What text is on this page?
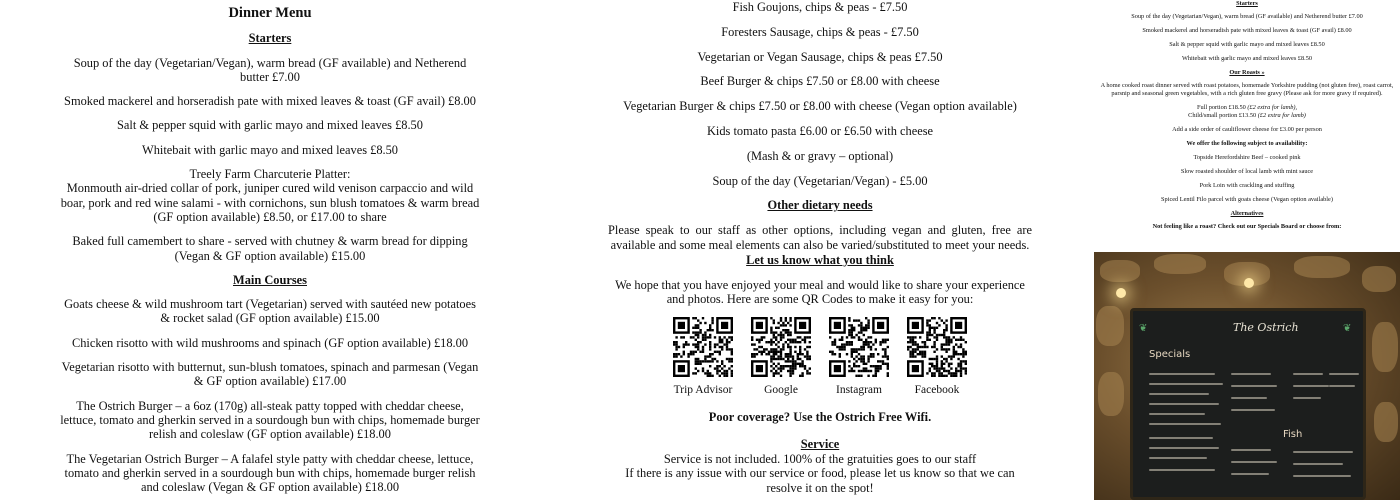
Dinner Menu
Starters
Soup of the day (Vegetarian/Vegan), warm bread (GF available) and Netherend butter £7.00
Smoked mackerel and horseradish pate with mixed leaves & toast (GF avail) £8.00
Salt & pepper squid with garlic mayo and mixed leaves £8.50
Whitebait with garlic mayo and mixed leaves £8.50
Treely Farm Charcuterie Platter:
Monmouth air-dried collar of pork, juniper cured wild venison carpaccio and wild boar, pork and red wine salami - with cornichons, sun blush tomatoes & warm bread (GF option available) £8.50, or £17.00 to share
Baked full camembert to share - served with chutney & warm bread for dipping (Vegan & GF option available) £15.00
Main Courses
Goats cheese & wild mushroom tart (Vegetarian) served with sautéed new potatoes & rocket salad (GF option available) £15.00
Chicken risotto with wild mushrooms and spinach (GF option available) £18.00
Vegetarian risotto with butternut, sun-blush tomatoes, spinach and parmesan (Vegan & GF option available) £17.00
The Ostrich Burger – a 6oz (170g) all-steak patty topped with cheddar cheese, lettuce, tomato and gherkin served in a sourdough bun with chips, homemade burger relish and coleslaw (GF option available) £18.00
The Vegetarian Ostrich Burger – A falafel style patty with cheddar cheese, lettuce, tomato and gherkin served in a sourdough bun with chips, homemade burger relish and coleslaw (Vegan & GF option available) £18.00
Fish Goujons, chips & peas - £7.50
Foresters Sausage, chips & peas - £7.50
Vegetarian or Vegan Sausage, chips & peas £7.50
Beef Burger & chips £7.50 or £8.00 with cheese
Vegetarian Burger & chips £7.50 or £8.00 with cheese (Vegan option available)
Kids tomato pasta £6.00 or £6.50 with cheese
(Mash & or gravy – optional)
Soup of the day (Vegetarian/Vegan) - £5.00
Other dietary needs
Please speak to our staff as other options, including vegan and gluten, free are available and some meal elements can also be varied/substituted to meet your needs.
Let us know what you think
We hope that you have enjoyed your meal and would like to share your experience and photos. Here are some QR Codes to make it easy for you:
Trip Advisor	Google	Instagram	Facebook
Poor coverage? Use the Ostrich Free Wifi.
Service
Service is not included. 100% of the gratuities goes to our staff
If there is any issue with our service or food, please let us know so that we can resolve it on the spot!
Starters
Soup of the day (Vegetarian/Vegan), warm bread (GF available) and Netherend butter £7.00
Smoked mackerel and horseradish pate with mixed leaves & toast (GF avail) £8.00
Salt & pepper squid with garlic mayo and mixed leaves £8.50
Whitebait with garlic mayo and mixed leaves £8.50
Our Roasts »
A home cooked roast dinner served with roast potatoes, homemade Yorkshire pudding (not gluten free), roast carrot, parsnip and seasonal green vegetables, with a rich gluten free gravy (Please ask for more gravy if required).
Full portion £18.50 (£2 extra for lamb),
Child/small portion £13.50 (£2 extra for lamb)
Add a side order of cauliflower cheese for £3.00 per person
We offer the following subject to availability:
Topside Herefordshire Beef – cooked pink
Slow roasted shoulder of local lamb with mint sauce
Pork Loin with crackling and stuffing
Spiced Lentil Filo parcel with goats cheese (Vegan option available)
Alternatives
Not feeling like a roast? Check out our Specials Board or choose from:
The Ostrich
Specials
Fish
❦	❦
